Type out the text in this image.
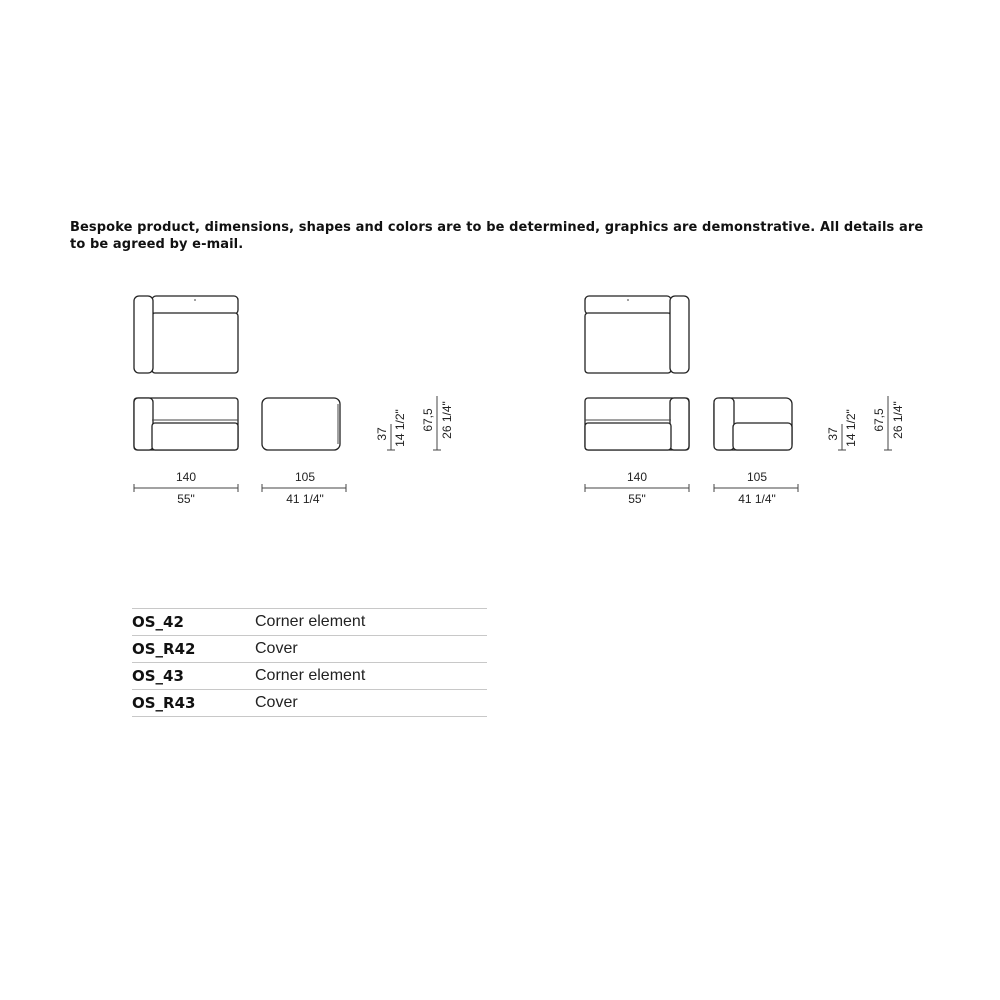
Bespoke product, dimensions, shapes and colors are to be determined, graphics are demonstrative. All details are to be agreed by e-mail.
140
55"
105
41 1/4"
37 14 1/2" 67,5 26 1/4"
140
55"
105
41 1/4"
37 14 1/2" 67,5 26 1/4"
OS_42	Corner element
OS_R42	Cover
OS_43	Corner element
OS_R43	Cover
